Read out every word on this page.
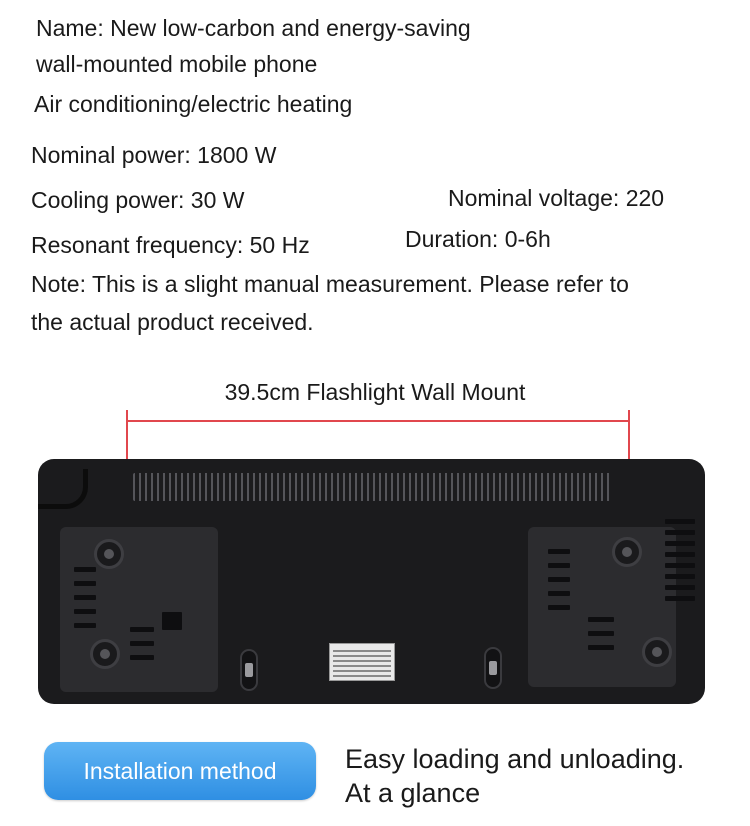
Name: New low-carbon and energy-saving
wall-mounted mobile phone
Air conditioning/electric heating
Nominal power: 1800 W
Cooling power: 30 W	Nominal voltage: 220
Resonant frequency: 50 Hz	Duration: 0-6h
Note: This is a slight manual measurement. Please refer to
the actual product received.
39.5cm Flashlight Wall Mount
Installation method	Easy loading and unloading.
At a glance
